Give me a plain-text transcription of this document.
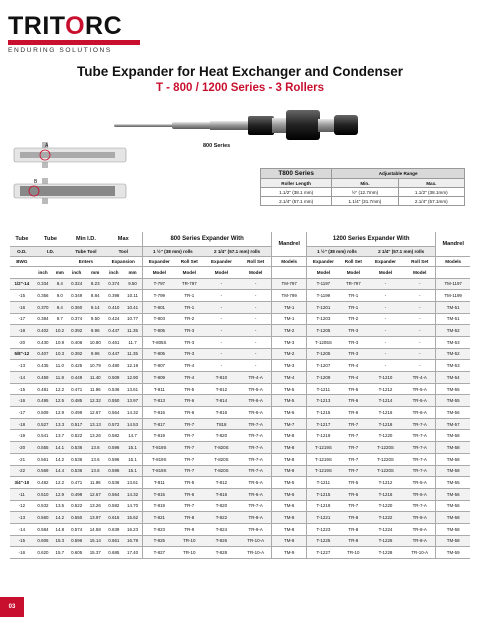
TRITORC
ENDURING SOLUTIONS
Tube Expander for Heat Exchanger and Condenser
T - 800 / 1200 Series - 3 Rollers
800 Series
A
B
T800 Series	Adjustable Range	
Roller Length	Min.	Max.
1.1/2" (38.1 mm)	½" (12.7mm)	1.1/2" (38.1mm)
2.1/4" (57.1 mm)	1.1/4" (31.7mm)	2.1/4" (57.1mm)
Tube	Tube		Min I.D.		Max		800 Series Expander With				Mandrel	1200 Series Expander With				Mandrel
O.D.	I.D.		Tube Tool		Tool		1 ½" (38 mm) rolls		2 1/4" (57.1 mm) rolls			1 ½" (38 mm) rolls		2 1/4" (57.1 mm) rolls		
BWG			Enters		Expansion		Expander	Roll Set	Expander	Roll Set	Models	Expander	Roll Set	Expander	Roll Set	Models
	inch	mm	inch	mm	inch	mm	Model	Model	Model	Model		Model	Model	Model	Model	
1/2"-14	0.334	8.4	0.324	8.23	0.374	9.50	T-797	TR-797	-	-	TM-797	T-1197	TR-797	-	-	TM-1197
-15	0.356	9.0	0.349	8.84	0.398	10.11	T-799	TR-1	-	-	TM-799	T-1199	TR-1	-	-	TM-1199
-16	0.370	9.4	0.360	9.14	0.410	10.41	T-801	TR-1	-	-	TM-1	T-1201	TR-1	-	-	TM-51
-17	0.384	9.7	0.374	9.50	0.424	10.77	T-803	TR-2	-	-	TM-1	T-1203	TR-2	-	-	TM-51
-18	0.402	10.2	0.392	9.96	0.447	11.35	T-805	TR-3	-	-	TM-2	T-1205	TR-3	-	-	TM-52
-20	0.430	10.9	0.406	10.80	0.461	11.7	T-805S	TR-3	-	-	TM-3	T-1205S	TR-3	-	-	TM-53
5/8"-12	0.407	10.3	0.392	9.96	0.447	11.35	T-805	TR-3	-	-	TM-2	T-1205	TR-3	-	-	TM-52
-13	0.435	11.0	0.425	10.79	0.480	12.19	T-807	TR-4	-	-	TM-3	T-1207	TR-4	-	-	TM-53
-14	0.459	11.8	0.449	11.40	0.509	12.90	T-809	TR-4	T-810	TR-4-A	TM-4	T-1209	TR-4	T-1210	TR-4-A	TM-54
-15	0.481	12.2	0.471	11.96	0.536	13.61	T-811	TR-5	T-812	TR-5-A	TM-5	T-1211	TR-5	T-1212	TR-5-A	TM-55
-16	0.495	12.5	0.485	12.32	0.550	13.97	T-813	TR-6	T-814	TR-6-A	TM-5	T-1213	TR-6	T-1214	TR-6-A	TM-55
-17	0.509	12.9	0.499	12.67	0.564	14.32	T-815	TR-6	T-816	TR-6-A	TM-6	T-1215	TR-6	T-1216	TR-6-A	TM-56
-18	0.527	13.3	0.517	13.13	0.572	14.53	T-817	TR-7	T818	TR-7-A	TM-7	T-1217	TR-7	T-1218	TR-7-A	TM-57
-19	0.541	13.7	0.522	13.26	0.582	14.7	T-819	TR-7	T-820	TR-7-A	TM-8	T-1219	TR-7	T-1220	TR-7-A	TM-58
-20	0.555	14.1	0.536	13.6	0.596	15.1	T-819S	TR-7	T-820S	TR-7-A	TM-8	T-1219S	TR-7	T-1220S	TR-7-A	TM-58
-21	0.561	14.2	0.536	13.6	0.596	15.1	T-819S	TR-7	T-820S	TR-7-A	TM-8	T-1219S	TR-7	T-1220S	TR-7-A	TM-58
-22	0.569	14.4	0.536	13.6	0.596	15.1	T-819S	TR-7	T-820S	TR-7-A	TM-8	T-1219S	TR-7	T-1220S	TR-7-A	TM-58
3/4"-10	0.482	12.2	0.471	11.96	0.536	13.61	T-811	TR-5	T-812	TR-5-A	TM-5	T-1211	TR-5	T-1212	TR-5-A	TM-55
-11	0.510	12.9	0.499	12.67	0.564	14.32	T-815	TR-6	T-816	TR-6-A	TM-6	T-1215	TR-6	T-1216	TR-6-A	TM-56
-12	0.532	13.5	0.522	13.26	0.582	14.70	T-819	TR-7	T-820	TR-7-A	TM-6	T-1219	TR-7	T-1220	TR-7-A	TM-56
-13	0.560	14.2	0.550	13.97	0.615	15.62	T-821	TR-8	T-822	TR-8-A	TM-8	T-1221	TR-8	T-1222	TR-8-A	TM-58
-14	0.584	14.8	0.574	14.58	0.639	16.23	T-823	TR-9	T-824	TR-9-A	TM-8	T-1223	TR-8	T-1224	TR-8-A	TM-58
-15	0.606	15.3	0.596	15.14	0.661	16.79	T-825	TR-10	T-826	TR-10-A	TM-8	T-1225	TR-8	T-1226	TR-8-A	TM-58
-16	0.620	15.7	0.605	15.37	0.685	17.40	T-827	TR-10	T-828	TR-10-A	TM-9	T-1227	TR-10	T-1228	TR-10-A	TM-59
03
